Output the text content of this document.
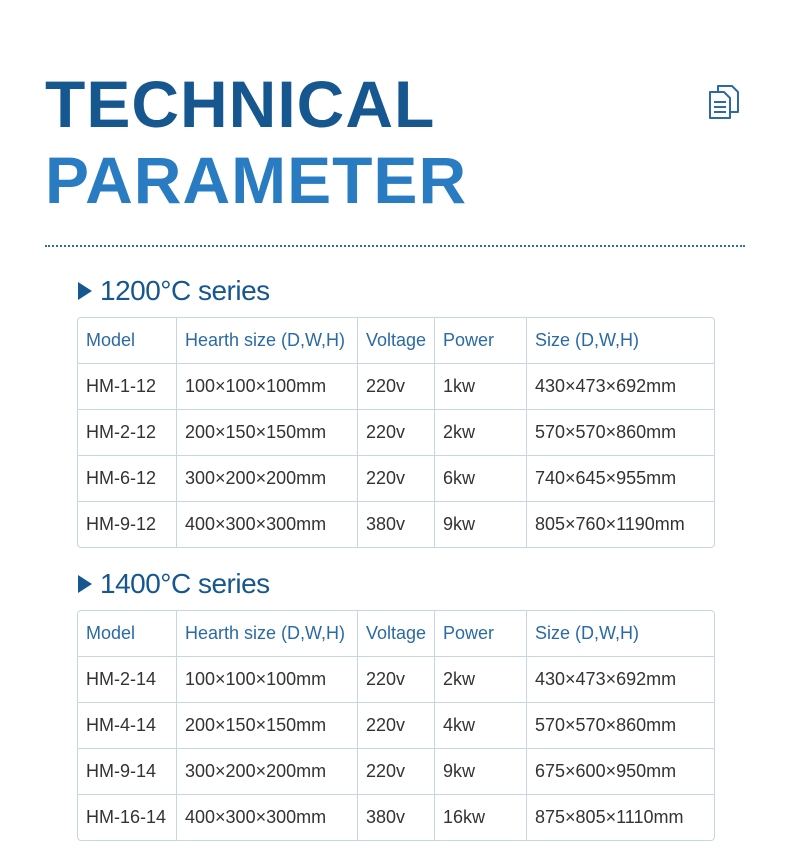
TECHNICAL
PARAMETER
1200°C series
Model	Hearth size (D,W,H)	Voltage	Power	Size (D,W,H)
HM-1-12	100×100×100mm	220v	1kw	430×473×692mm
HM-2-12	200×150×150mm	220v	2kw	570×570×860mm
HM-6-12	300×200×200mm	220v	6kw	740×645×955mm
HM-9-12	400×300×300mm	380v	9kw	805×760×1190mm
1400°C series
Model	Hearth size (D,W,H)	Voltage	Power	Size (D,W,H)
HM-2-14	100×100×100mm	220v	2kw	430×473×692mm
HM-4-14	200×150×150mm	220v	4kw	570×570×860mm
HM-9-14	300×200×200mm	220v	9kw	675×600×950mm
HM-16-14	400×300×300mm	380v	16kw	875×805×1110mm
